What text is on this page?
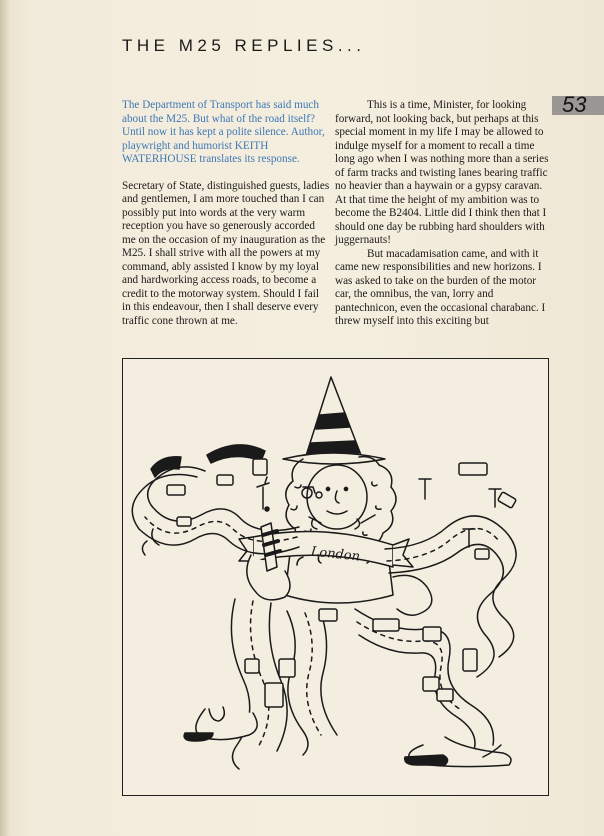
THE M25 REPLIES...
53

The Department of Transport has said much about the M25. But what of the road itself? Until now it has kept a polite silence. Author, playwright and humorist KEITH WATERHOUSE translates its response.

Secretary of State, distinguished guests, ladies and gentlemen, I am more touched than I can possibly put into words at the very warm reception you have so generously accorded me on the occasion of my inauguration as the M25. I shall strive with all the powers at my command, ably assisted I know by my loyal and hardworking access roads, to become a credit to the motorway system. Should I fail in this endeavour, then I shall deserve every traffic cone thrown at me.

This is a time, Minister, for looking forward, not looking back, but perhaps at this special moment in my life I may be allowed to indulge myself for a moment to recall a time long ago when I was nothing more than a series of farm tracks and twisting lanes bearing traffic no heavier than a haywain or a gypsy caravan. At that time the height of my ambition was to become the B2404. Little did I think then that I should one day be rubbing hard shoulders with juggernauts!

But macadamisation came, and with it came new responsibilities and new horizons. I was asked to take on the burden of the motor car, the omnibus, the van, lorry and pantechnicon, even the occasional charabanc. I threw myself into this exciting but

London
